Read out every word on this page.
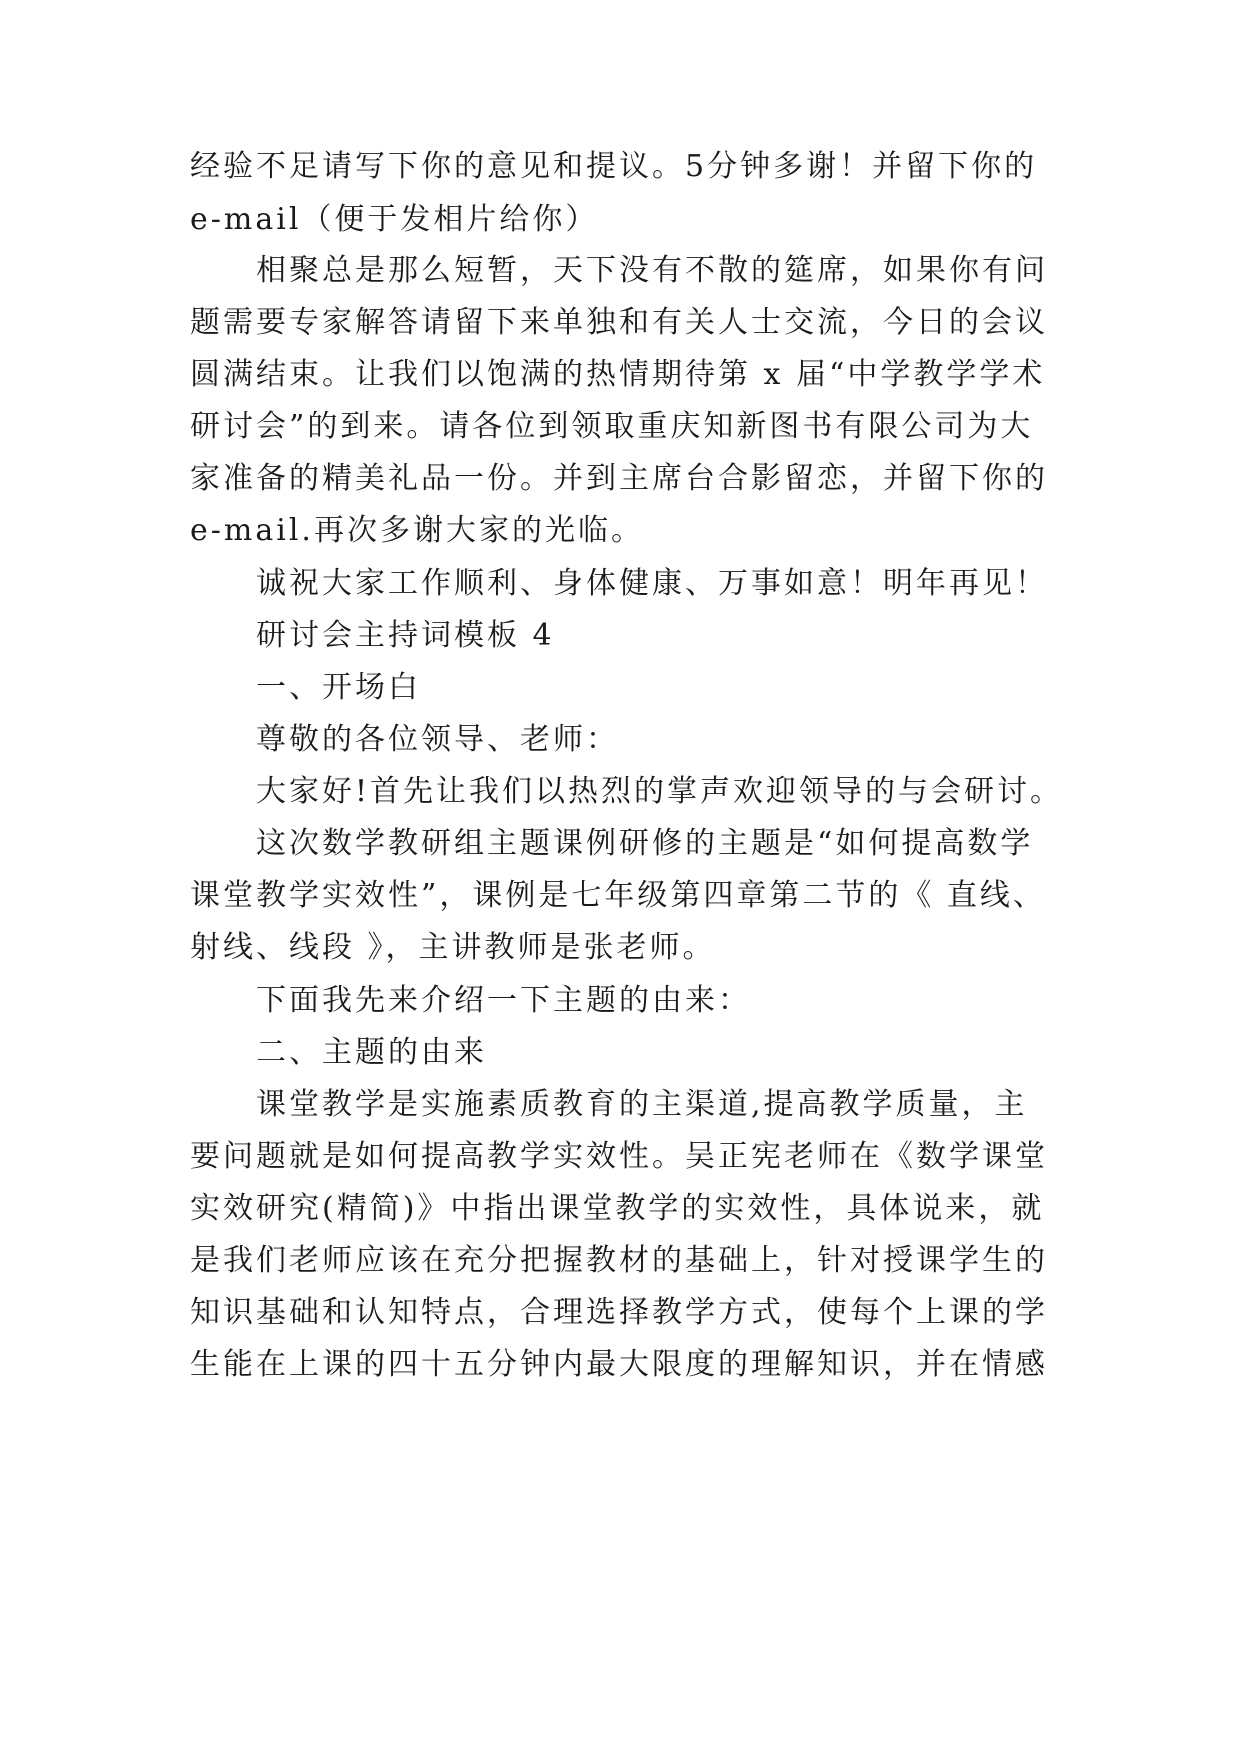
经验不足请写下你的意见和提议。5分钟多谢！并留下你的
e-mail（便于发相片给你）
相聚总是那么短暂，天下没有不散的筵席，如果你有问
题需要专家解答请留下来单独和有关人士交流，今日的会议
圆满结束。让我们以饱满的热情期待第 x 届“中学教学学术
研讨会”的到来。请各位到领取重庆知新图书有限公司为大
家准备的精美礼品一份。并到主席台合影留恋，并留下你的
e-mail.再次多谢大家的光临。
诚祝大家工作顺利、身体健康、万事如意！明年再见！
研讨会主持词模板 4
一、开场白
尊敬的各位领导、老师：
大家好!首先让我们以热烈的掌声欢迎领导的与会研讨。
这次数学教研组主题课例研修的主题是“如何提高数学
课堂教学实效性”，课例是七年级第四章第二节的《 直线、
射线、线段 》，主讲教师是张老师。
下面我先来介绍一下主题的由来：
二、主题的由来
课堂教学是实施素质教育的主渠道,提高教学质量，主
要问题就是如何提高教学实效性。吴正宪老师在《数学课堂
实效研究(精简)》中指出课堂教学的实效性，具体说来，就
是我们老师应该在充分把握教材的基础上，针对授课学生的
知识基础和认知特点，合理选择教学方式，使每个上课的学
生能在上课的四十五分钟内最大限度的理解知识，并在情感
